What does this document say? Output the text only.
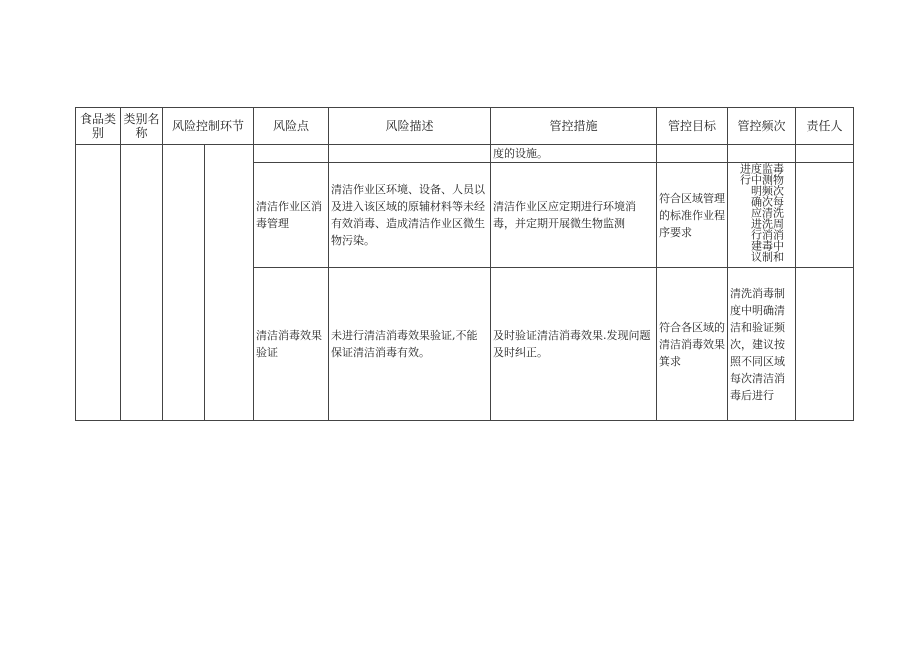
食品类别	类别名称	风险控制环节		风险点	风险描述	管控措施	管控目标	管控频次	责任人
						度的设施。			
				清洁作业区消毒管理	清洁作业区环境、设备、人员以及进入该区域的原辅材料等未经有效消毒、造成清洁作业区微生物污染。	清洁作业区应定期进行环境消毒，并定期开展微生物监测	符合区域管理的标准作业程序要求	毒物次每洗周消中和监测频次清洗消毒制度中明确应进行建议进行	

				清洁消毒效果验证	未进行清洁消毒效果验证,不能保证清洁消毒有效。	及时验证清洁消毒效果.发现问题及时纠正。	符合各区域的清洁消毒效果箕求	清洗消毒制度中明确清洁和验证频次，建议按照不同区域每次清洁消毒后进行	
